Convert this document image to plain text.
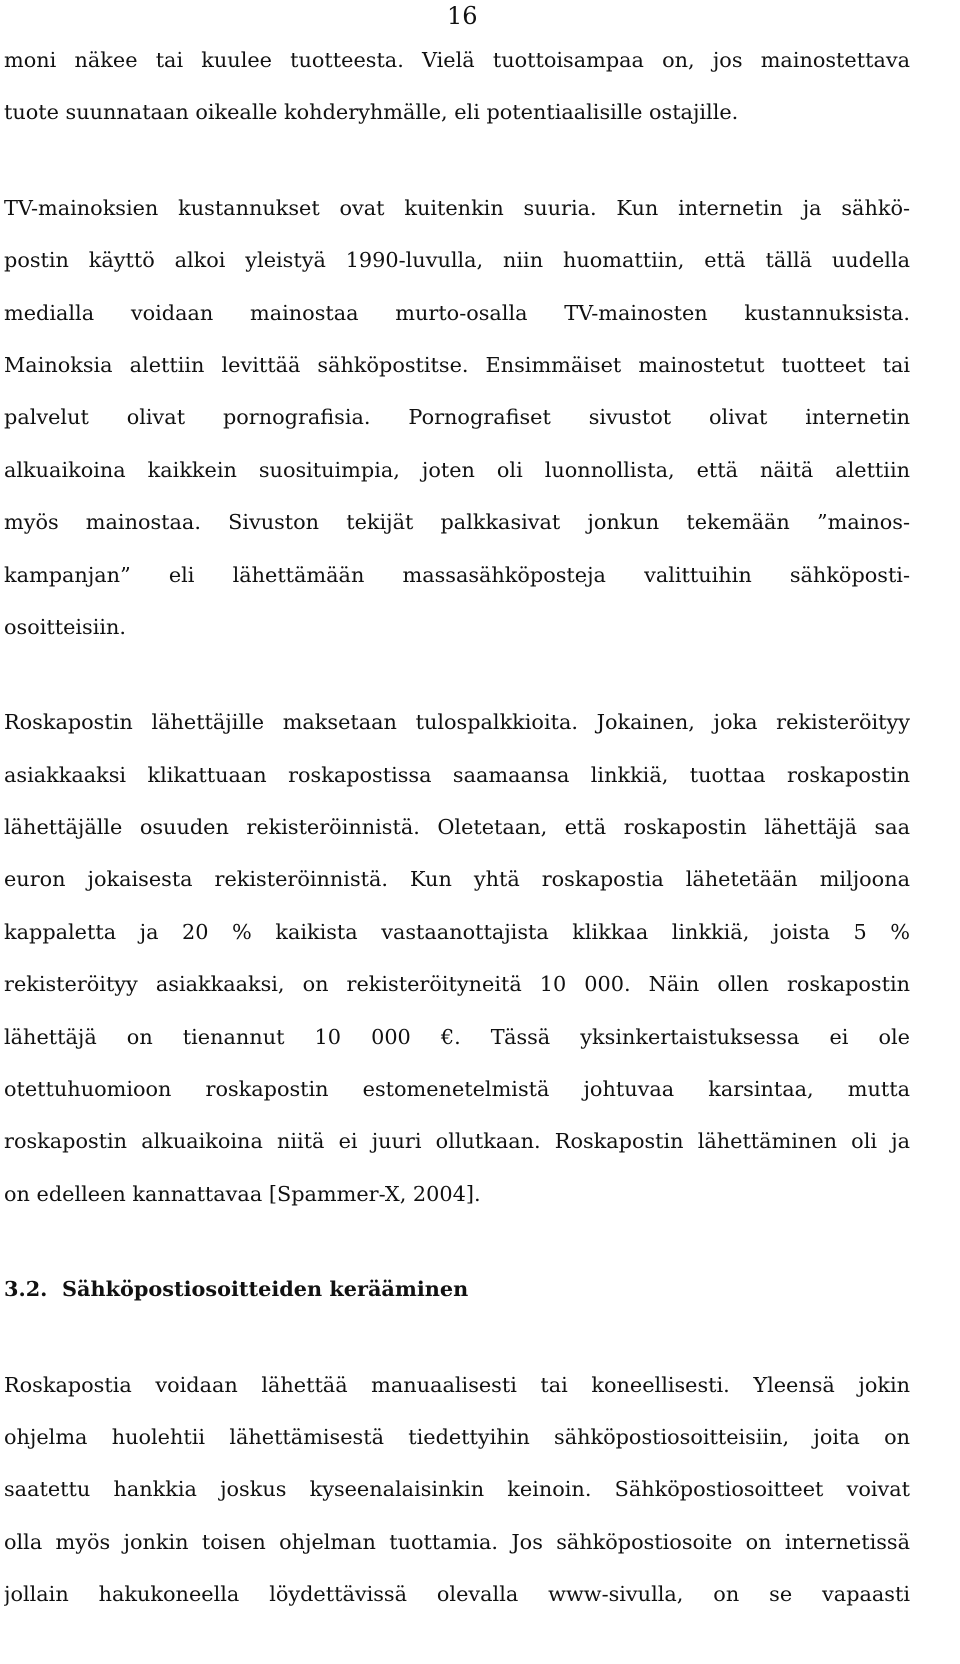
16
moni näkee tai kuulee tuotteesta. Vielä tuottoisampaa on, jos mainostettava
tuote suunnataan oikealle kohderyhmälle, eli potentiaalisille ostajille.
TV-mainoksien kustannukset ovat kuitenkin suuria. Kun internetin ja sähkö-
postin käyttö alkoi yleistyä 1990-luvulla, niin huomattiin, että tällä uudella
medialla voidaan mainostaa murto-osalla TV-mainosten kustannuksista.
Mainoksia alettiin levittää sähköpostitse. Ensimmäiset mainostetut tuotteet tai
palvelut olivat pornografisia. Pornografiset sivustot olivat internetin
alkuaikoina kaikkein suosituimpia, joten oli luonnollista, että näitä alettiin
myös mainostaa. Sivuston tekijät palkkasivat jonkun tekemään ”mainos-
kampanjan” eli lähettämään massasähköposteja valittuihin sähköposti-
osoitteisiin.
Roskapostin lähettäjille maksetaan tulospalkkioita. Jokainen, joka rekisteröityy
asiakkaaksi klikattuaan roskapostissa saamaansa linkkiä, tuottaa roskapostin
lähettäjälle osuuden rekisteröinnistä. Oletetaan, että roskapostin lähettäjä saa
euron jokaisesta rekisteröinnistä. Kun yhtä roskapostia lähetetään miljoona
kappaletta ja 20 % kaikista vastaanottajista klikkaa linkkiä, joista 5 %
rekisteröityy asiakkaaksi, on rekisteröityneitä 10 000. Näin ollen roskapostin
lähettäjä on tienannut 10 000 €. Tässä yksinkertaistuksessa ei ole
otettuhuomioon roskapostin estomenetelmistä johtuvaa karsintaa, mutta
roskapostin alkuaikoina niitä ei juuri ollutkaan. Roskapostin lähettäminen oli ja
on edelleen kannattavaa [Spammer-X, 2004].
3.2. Sähköpostiosoitteiden kerääminen
Roskapostia voidaan lähettää manuaalisesti tai koneellisesti. Yleensä jokin
ohjelma huolehtii lähettämisestä tiedettyihin sähköpostiosoitteisiin, joita on
saatettu hankkia joskus kyseenalaisinkin keinoin. Sähköpostiosoitteet voivat
olla myös jonkin toisen ohjelman tuottamia. Jos sähköpostiosoite on internetissä
jollain hakukoneella löydettävissä olevalla www-sivulla, on se vapaasti
